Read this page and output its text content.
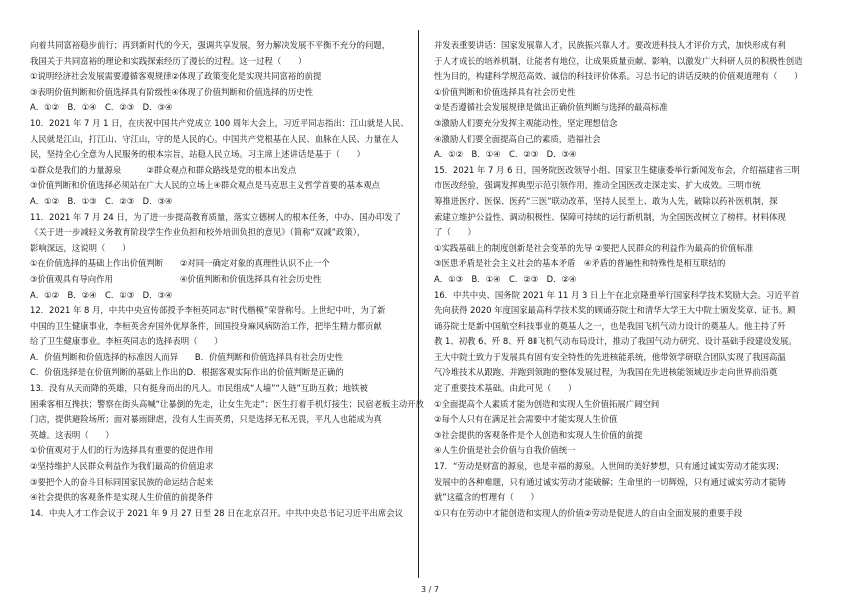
向着共同富裕稳步前行；再到新时代的今天，强调共享发展，努力解决发展不平衡不充分的问题，
我国关于共同富裕的理论和实践探索经历了漫长的过程。这一过程（　　）
①说明经济社会发展需要遵循客观规律②体现了政策变化是实现共同富裕的前提
③表明价值判断和价值选择具有阶级性④体现了价值判断和价值选择的历史性
A．①②　B．①④　C．②③　D．③④
10．2021 年 7 月 1 日，在庆祝中国共产党成立 100 周年大会上，习近平同志指出：江山就是人民、
人民就是江山，打江山、守江山，守的是人民的心。中国共产党根基在人民、血脉在人民、力量在人
民，坚持全心全意为人民服务的根本宗旨，站稳人民立场。习主席上述讲话是基于（　　）
①群众是我们的力量源泉　　　②群众观点和群众路线是党的根本出发点
③价值判断和价值选择必须站在广大人民的立场上④群众观点是马克思主义哲学首要的基本观点
A．①②　B．①③　C．②③　D．③④
11．2021 年 7 月 24 日，为了进一步提高教育质量，落实立德树人的根本任务，中办、国办印发了
《关于进一步减轻义务教育阶段学生作业负担和校外培训负担的意见》（简称“双减”政策），
影响深远，这说明（　　）
①在价值选择的基础上作出价值判断　　②对同一确定对象的真理性认识不止一个
③价值观具有导向作用　　　　　　　　④价值判断和价值选择具有社会历史性
A．①②　B．②④　C．①③　D．③④
12．2021 年 8 月，中共中央宣传部授予李桓英同志“时代楷模”荣誉称号。上世纪中叶，为了新
中国的卫生健康事业，李桓英舍弃国外优厚条件，回国投身麻风病防治工作，把毕生精力都贡献
给了卫生健康事业。李桓英同志的选择表明（　　）
A．价值判断和价值选择的标准因人而异　　B．价值判断和价值选择具有社会历史性
C．价值选择是在价值判断的基础上作出的D．根据客观实际作出的价值判断是正确的
13．没有从天而降的英雄，只有挺身而出的凡人。市民组成“人墙”“人链”互助互救；地铁被
困乘客相互搀扶；警察在街头高喊“让暴倒的先走，让女生先走”；医生打着手机灯接生；民宿老板主动开放
门店，提供避险场所；面对暴雨肆虐，没有人生而英勇，只是选择无私无畏，平凡人也能成为真
英雄。这表明（　　）
①价值观对于人们的行为选择具有重要的促进作用
②坚持维护人民群众利益作为我们最高的价值追求
③要把个人的奋斗目标同国家民族的命运结合起来
④社会提供的客观条件是实现人生价值的前提条件
14．中央人才工作会议于 2021 年 9 月 27 日至 28 日在北京召开。中共中央总书记习近平出席会议
并发表重要讲话：国家发展靠人才，民族振兴靠人才。要改进科技人才评价方式，加快形成有利
于人才成长的培养机制，让能者有地位，让成果质量贡献、影响，以激发广大科研人员的积极性创造
性为目的，构建科学规范高效、诚信的科技评价体系。习总书记的讲话反映的价值观道理有（　　）
①价值判断和价值选择具有社会历史性
②是否遵循社会发展规律是做出正确价值判断与选择的最高标准
③激励人们要充分发挥主观能动性，坚定理想信念
④激励人们要全面提高自己的素质，造福社会
A．①②　B．①④　C．②③　D．③④
15．2021 年 7 月 6 日，国务院医改领导小组、国家卫生健康委举行新闻发布会，介绍福建省三明
市医改经验，强调发挥典型示范引领作用，推动全国医改走深走实、扩大成效。三明市统
筹推进医疗、医保、医药“三医”联动改革，坚持人民至上、敢为人先，破除以药补医机制，探
索建立维护公益性、调动积极性、保障可持续的运行新机制，为全国医改树立了榜样。材料体现
了（　　）
①实践基础上的制度创新是社会变革的先导 ②要把人民群众的利益作为最高的价值标准
③医患矛盾是社会主义社会的基本矛盾　④矛盾的普遍性和特殊性是相互联结的
A．①③　B．①④　C．②③　D．②④
16．中共中央、国务院 2021 年 11 月 3 日上午在北京隆重举行国家科学技术奖励大会。习近平首
先向获得 2020 年度国家最高科学技术奖的顾诵芬院士和清华大学王大中院士颁发奖章、证书。顾
诵芬院士是新中国航空科技事业的奠基人之一，也是我国飞机气动力设计的奠基人。他主持了歼
教 1、初教 6、歼 8、歼 8Ⅱ飞机气动布局设计，推动了我国气动力研究、设计基础手段建设发展。
王大中院士致力于发展具有固有安全特性的先进核能系统，他带领学研联合团队实现了我国高温
气冷堆技术从跟跑、并跑到领跑的整体发展过程，为我国在先进核能领域迈步走向世界前沿奠
定了重要技术基础。由此可见（　　）
①全面提高个人素质才能为创造和实现人生价值拓展广阔空间
②每个人只有在满足社会需要中才能实现人生价值
③社会提供的客观条件是个人创造和实现人生价值的前提
④人生价值是社会价值与自我价值统一
17．“劳动是财富的源泉，也是幸福的源泉。人世间的美好梦想，只有通过诚实劳动才能实现；
发展中的各种难题，只有通过诚实劳动才能破解；生命里的一切辉煌，只有通过诚实劳动才能铸
就”这蕴含的哲理有（　　）
①只有在劳动中才能创造和实现人的价值②劳动是促进人的自由全面发展的重要手段
3 / 7
